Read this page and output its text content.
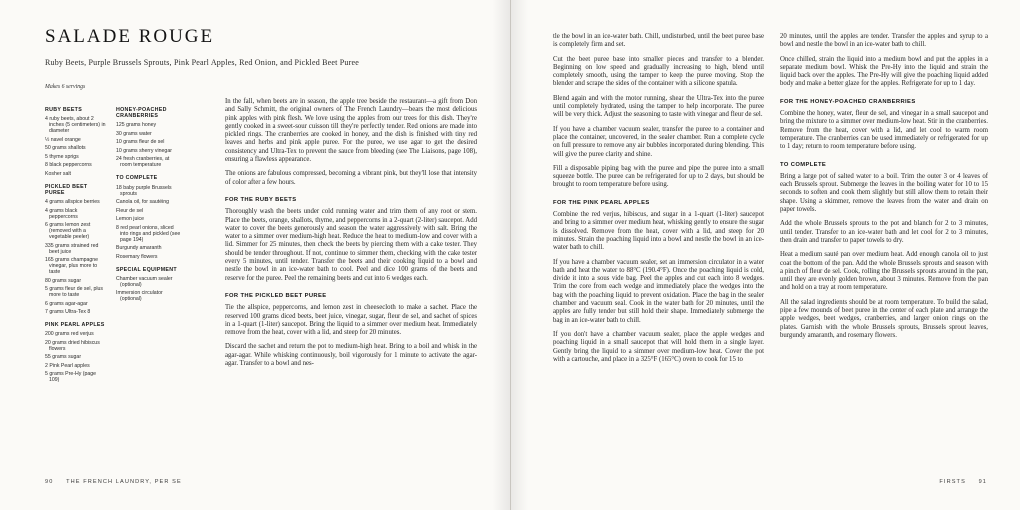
SALADE ROUGE
Ruby Beets, Purple Brussels Sprouts, Pink Pearl Apples, Red Onion, and Pickled Beet Puree
Makes 6 servings
RUBY BEETS
4 ruby beets, about 2 inches (5 centimeters) in diameter
½ navel orange
50 grams shallots
5 thyme sprigs
8 black peppercorns
Kosher salt
PICKLED BEET PUREE
4 grams allspice berries
4 grams black peppercorns
6 grams lemon zest (removed with a vegetable peeler)
335 grams strained red beet juice
165 grams champagne vinegar, plus more to taste
80 grams sugar
5 grams fleur de sel, plus more to taste
6 grams agar-agar
7 grams Ultra-Tex 8
PINK PEARL APPLES
200 grams red verjus
20 grams dried hibiscus flowers
55 grams sugar
2 Pink Pearl apples
5 grams Pre-Hy (page 109)
HONEY-POACHED CRANBERRIES
125 grams honey
30 grams water
10 grams fleur de sel
10 grams sherry vinegar
24 fresh cranberries, at room temperature
TO COMPLETE
18 baby purple Brussels sprouts
Canola oil, for sautéing
Fleur de sel
Lemon juice
8 red pearl onions, sliced into rings and pickled (see page 194)
Burgundy amaranth
Rosemary flowers
SPECIAL EQUIPMENT
Chamber vacuum sealer (optional)
Immersion circulator (optional)
In the fall, when beets are in season, the apple tree beside the restaurant—a gift from Don and Sally Schmitt, the original owners of The French Laundry—bears the most delicious pink apples with pink flesh. We love using the apples from our trees for this dish. They're gently cooked in a sweet-sour cuisson till they're perfectly tender. Red onions are made into pickled rings. The cranberries are cooked in honey, and the dish is finished with tiny red leaves and herbs and pink apple puree. For the puree, we use agar to get the desired consistency and Ultra-Tex to prevent the sauce from bleeding (see The Liaisons, page 108), ensuring a flawless appearance.
The onions are fabulous compressed, becoming a vibrant pink, but they'll lose that intensity of color after a few hours.
FOR THE RUBY BEETS
Thoroughly wash the beets under cold running water and trim them of any root or stem. Place the beets, orange, shallots, thyme, and peppercorns in a 2-quart (2-liter) saucepot. Add water to cover the beets generously and season the water aggressively with salt. Bring the water to a simmer over medium-high heat. Reduce the heat to medium-low and cover with a lid. Simmer for 25 minutes, then check the beets by piercing them with a cake tester. They should be tender throughout. If not, continue to simmer them, checking with the cake tester every 5 minutes, until tender. Transfer the beets and their cooking liquid to a bowl and nestle the bowl in an ice-water bath to cool. Peel and dice 100 grams of the beets and reserve for the puree. Peel the remaining beets and cut into 6 wedges each.
FOR THE PICKLED BEET PUREE
Tie the allspice, peppercorns, and lemon zest in cheesecloth to make a sachet. Place the reserved 100 grams diced beets, beet juice, vinegar, sugar, fleur de sel, and sachet of spices in a 1-quart (1-liter) saucepot. Bring the liquid to a simmer over medium heat. Immediately remove from the heat, cover with a lid, and steep for 20 minutes.
Discard the sachet and return the pot to medium-high heat. Bring to a boil and whisk in the agar-agar. While whisking continuously, boil vigorously for 1 minute to activate the agar-agar. Transfer to a bowl and nes-
90 THE FRENCH LAUNDRY, PER SE
tle the bowl in an ice-water bath. Chill, undisturbed, until the beet puree base is completely firm and set.
Cut the beet puree base into smaller pieces and transfer to a blender. Beginning on low speed and gradually increasing to high, blend until completely smooth, using the tamper to keep the puree moving. Stop the blender and scrape the sides of the container with a silicone spatula.
Blend again and with the motor running, shear the Ultra-Tex into the puree until completely hydrated, using the tamper to help incorporate. The puree will be very thick. Adjust the seasoning to taste with vinegar and fleur de sel.
If you have a chamber vacuum sealer, transfer the puree to a container and place the container, uncovered, in the sealer chamber. Run a complete cycle on full pressure to remove any air bubbles incorporated during blending. This will give the puree clarity and shine.
Fill a disposable piping bag with the puree and pipe the puree into a small squeeze bottle. The puree can be refrigerated for up to 2 days, but should be brought to room temperature before using.
FOR THE PINK PEARL APPLES
Combine the red verjus, hibiscus, and sugar in a 1-quart (1-liter) saucepot and bring to a simmer over medium heat, whisking gently to ensure the sugar is dissolved. Remove from the heat, cover with a lid, and steep for 20 minutes. Strain the poaching liquid into a bowl and nestle the bowl in an ice-water bath to chill.
If you have a chamber vacuum sealer, set an immersion circulator in a water bath and heat the water to 88°C (190.4°F). Once the poaching liquid is cold, divide it into a sous vide bag. Peel the apples and cut each into 8 wedges. Trim the core from each wedge and immediately place the wedges into the bag with the poaching liquid to prevent oxidation. Place the bag in the sealer chamber and vacuum seal. Cook in the water bath for 20 minutes, until the apples are fully tender but still hold their shape. Immediately submerge the bag in an ice-water bath to chill.
If you don't have a chamber vacuum sealer, place the apple wedges and poaching liquid in a small saucepot that will hold them in a single layer. Gently bring the liquid to a simmer over medium-low heat. Cover the pot with a cartouche, and place in a 325°F (165°C) oven to cook for 15 to
20 minutes, until the apples are tender. Transfer the apples and syrup to a bowl and nestle the bowl in an ice-water bath to chill.
Once chilled, strain the liquid into a medium bowl and put the apples in a separate medium bowl. Whisk the Pre-Hy into the liquid and strain the liquid back over the apples. The Pre-Hy will give the poaching liquid added body and make a better glaze for the apples. Refrigerate for up to 1 day.
FOR THE HONEY-POACHED CRANBERRIES
Combine the honey, water, fleur de sel, and vinegar in a small saucepot and bring the mixture to a simmer over medium-low heat. Stir in the cranberries. Remove from the heat, cover with a lid, and let cool to warm room temperature. The cranberries can be used immediately or refrigerated for up to 1 day; return to room temperature before using.
TO COMPLETE
Bring a large pot of salted water to a boil. Trim the outer 3 or 4 leaves of each Brussels sprout. Submerge the leaves in the boiling water for 10 to 15 seconds to soften and cook them slightly but still allow them to retain their shape. Using a skimmer, remove the leaves from the water and drain on paper towels.
Add the whole Brussels sprouts to the pot and blanch for 2 to 3 minutes, until tender. Transfer to an ice-water bath and let cool for 2 to 3 minutes, then drain and transfer to paper towels to dry.
Heat a medium sauté pan over medium heat. Add enough canola oil to just coat the bottom of the pan. Add the whole Brussels sprouts and season with a pinch of fleur de sel. Cook, rolling the Brussels sprouts around in the pan, until they are evenly golden brown, about 3 minutes. Remove from the pan and hold on a tray at room temperature.
All the salad ingredients should be at room temperature. To build the salad, pipe a few mounds of beet puree in the center of each plate and arrange the apple wedges, beet wedges, cranberries, and larger onion rings on the plates. Garnish with the whole Brussels sprouts, Brussels sprout leaves, burgundy amaranth, and rosemary flowers.
FIRSTS 91
